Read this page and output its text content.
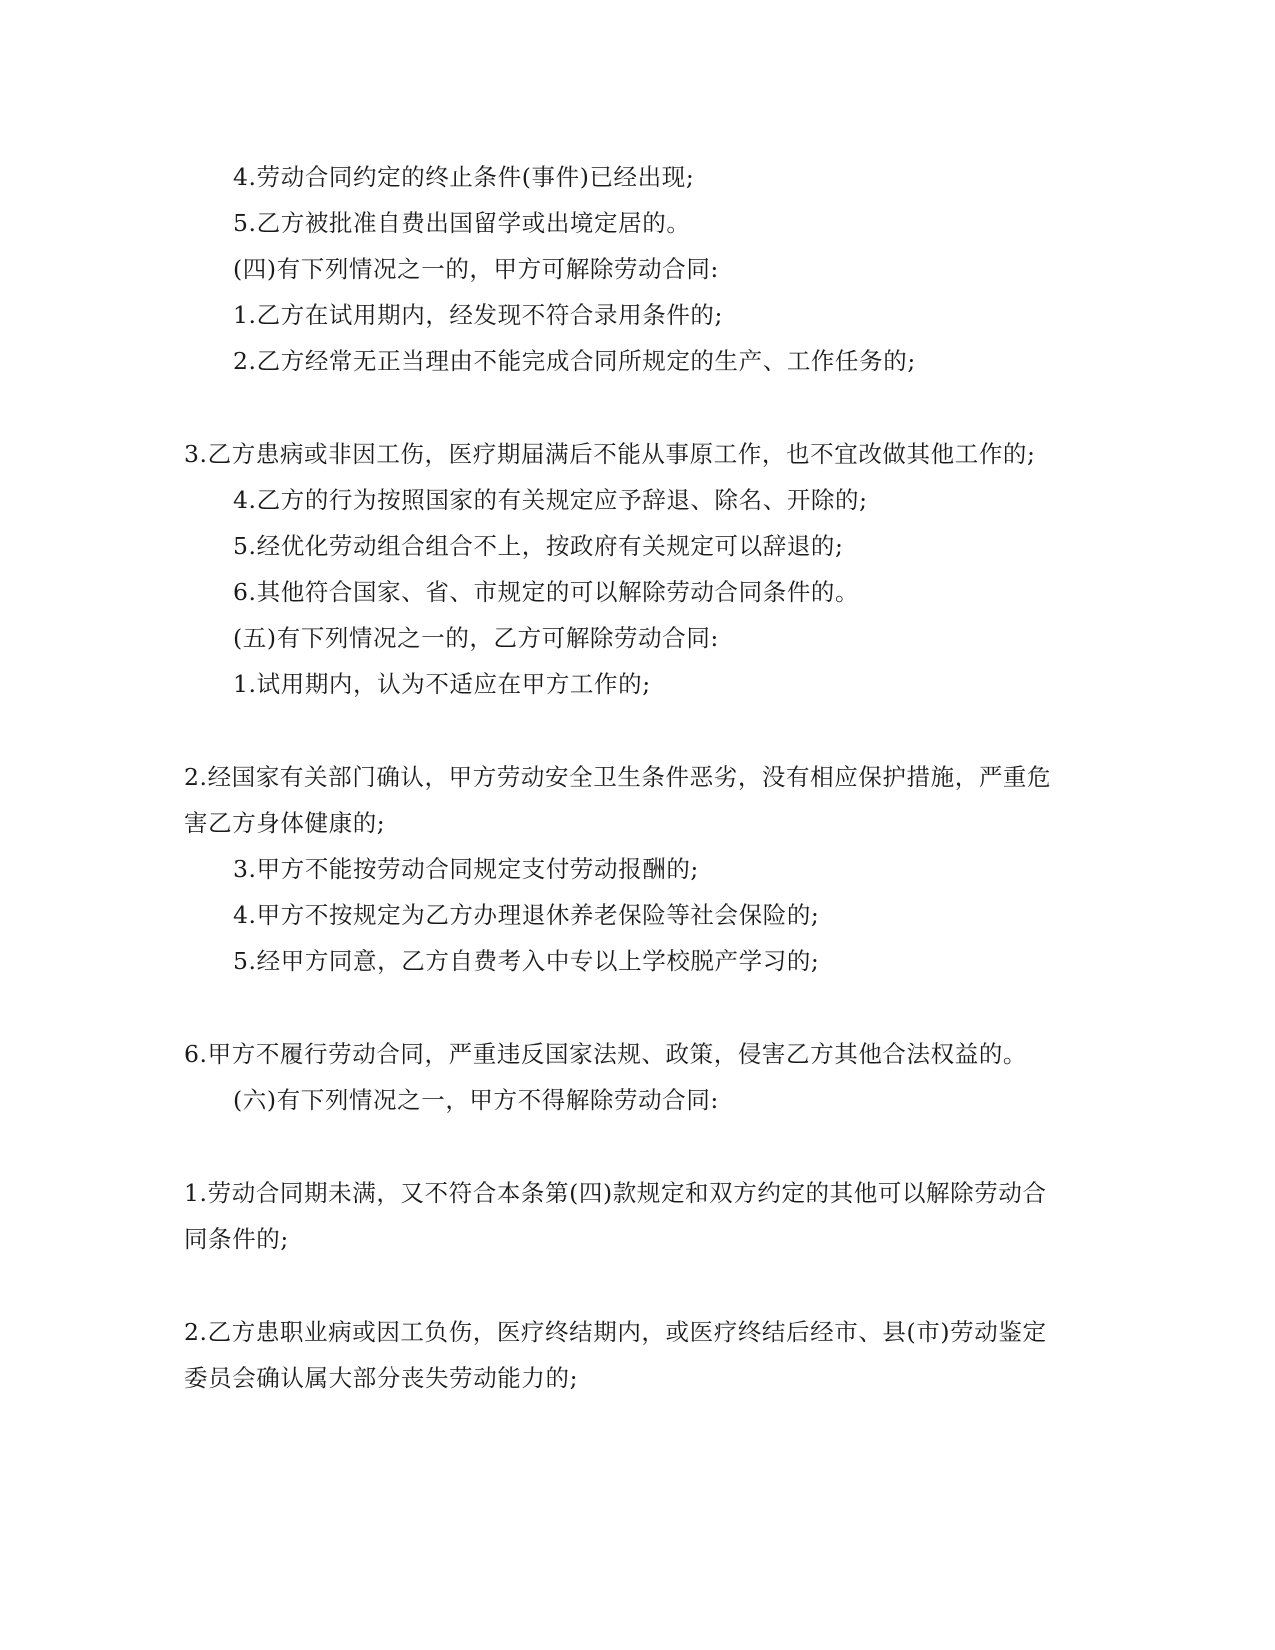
4.劳动合同约定的终止条件(事件)已经出现;
5.乙方被批准自费出国留学或出境定居的。
(四)有下列情况之一的，甲方可解除劳动合同:
1.乙方在试用期内，经发现不符合录用条件的;
2.乙方经常无正当理由不能完成合同所规定的生产、工作任务的;
3.乙方患病或非因工伤，医疗期届满后不能从事原工作，也不宜改做其他工作的;
4.乙方的行为按照国家的有关规定应予辞退、除名、开除的;
5.经优化劳动组合组合不上，按政府有关规定可以辞退的;
6.其他符合国家、省、市规定的可以解除劳动合同条件的。
(五)有下列情况之一的，乙方可解除劳动合同:
1.试用期内，认为不适应在甲方工作的;
2.经国家有关部门确认，甲方劳动安全卫生条件恶劣，没有相应保护措施，严重危
害乙方身体健康的;
3.甲方不能按劳动合同规定支付劳动报酬的;
4.甲方不按规定为乙方办理退休养老保险等社会保险的;
5.经甲方同意，乙方自费考入中专以上学校脱产学习的;
6.甲方不履行劳动合同，严重违反国家法规、政策，侵害乙方其他合法权益的。
(六)有下列情况之一，甲方不得解除劳动合同:
1.劳动合同期未满，又不符合本条第(四)款规定和双方约定的其他可以解除劳动合
同条件的;
2.乙方患职业病或因工负伤，医疗终结期内，或医疗终结后经市、县(市)劳动鉴定
委员会确认属大部分丧失劳动能力的;
